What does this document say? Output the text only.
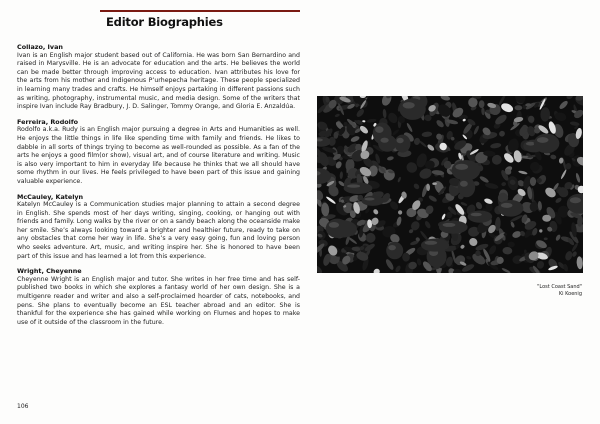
Editor Biographies
Collazo, Ivan

Ivan is an English major student based out of California. He was born San Bernardino and raised in Marysville. He is an advocate for education and the arts. He believes the world can be made better through improving access to education. Ivan attributes his love for the arts from his mother and Indigenous P’urhepecha heritage. These people specialized in learning many trades and crafts. He himself enjoys partaking in different passions such as writing, photography, instrumental music, and media design. Some of the writers that inspire Ivan include Ray Bradbury, J. D. Salinger, Tommy Orange, and Gloria E. Anzaldúa.

Ferreira, Rodolfo

Rodolfo a.k.a. Rudy is an English major pursuing a degree in Arts and Humanities as well. He enjoys the little things in life like spending time with family and friends. He likes to dabble in all sorts of things trying to become as well-rounded as possible. As a fan of the arts he enjoys a good film(or show), visual art, and of course literature and writing. Music is also very important to him in everyday life because he thinks that we all should have some rhythm in our lives. He feels privileged to have been part of this issue and gaining valuable experience.

McCauley, Katelyn

Katelyn McCauley is a Communication studies major planning to attain a second degree in English. She spends most of her days writing, singing, cooking, or hanging out with friends and family. Long walks by the river or on a sandy beach along the oceanside make her smile. She’s always looking toward a brighter and healthier future, ready to take on any obstacles that come her way in life. She’s a very easy going, fun and loving person who seeks adventure. Art, music, and writing inspire her. She is honored to have been part of this issue and has learned a lot from this experience.

Wright, Cheyenne

Cheyenne Wright is an English major and tutor. She writes in her free time and has self-published two books in which she explores a fantasy world of her own design. She is a multigenre reader and writer and also a self-proclaimed hoarder of cats, notebooks, and pens. She plans to eventually become an ESL teacher abroad and an editor. She is thankful for the experience she has gained while working on Flumes and hopes to make use of it outside of the classroom in the future.

106
"Lost Coast Sand"
Ki Koenig
